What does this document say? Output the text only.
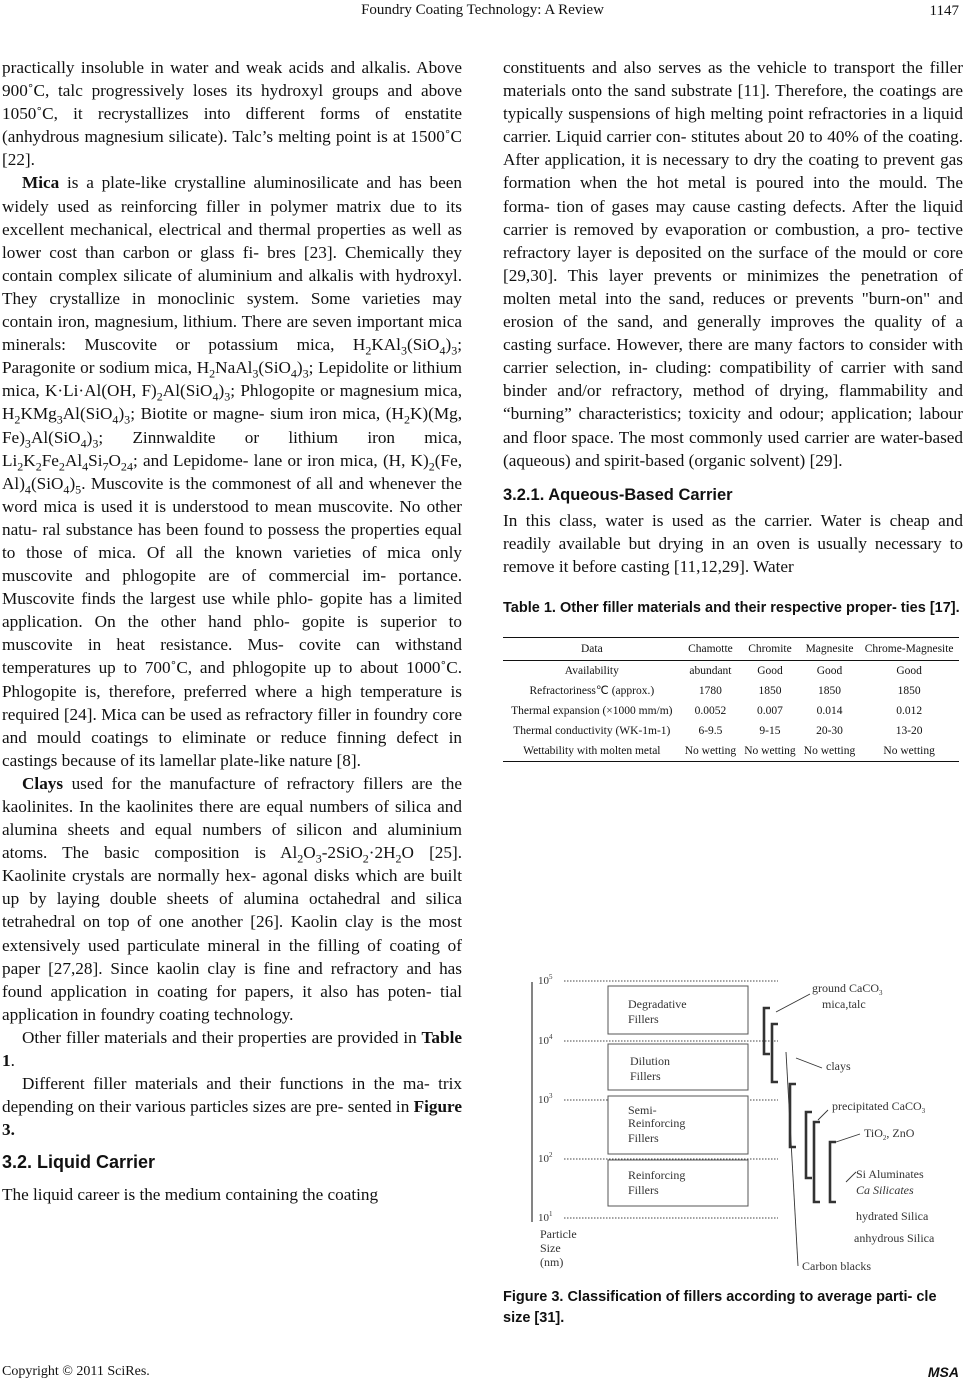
Foundry Coating Technology: A Review	1147

practically insoluble in water and weak acids and alkalis. Above 900˚C, talc progressively loses its hydroxyl groups and above 1050˚C, it recrystallizes into different forms of enstatite (anhydrous magnesium silicate). Talc’s melting point is at 1500˚C [22].

Mica is a plate-like crystalline aluminosilicate and has been widely used as reinforcing filler in polymer matrix due to its excellent mechanical, electrical and thermal properties as well as lower cost than carbon or glass fi- bres [23]. Chemically they contain complex silicate of aluminium and alkalis with hydroxyl. They crystallize in monoclinic system. Some varieties may contain iron, magnesium, lithium. There are seven important mica minerals: Muscovite or potassium mica, $H_2KAl_3(SiO_4)_3$; Paragonite or sodium mica, $H_2NaAl_3(SiO_4)_3$; Lepidolite or lithium mica, K·Li·Al(OH, $F)_2Al(SiO_4)_3$; Phlogopite or magnesium mica, $H_2KMg_3Al(SiO_4)_3$; Biotite or magne- sium iron mica, $(H_2K)(Mg$, $Fe)_3Al(SiO_4)_3$; Zinnwaldite or lithium iron mica, $Li_2K_2Fe_2Al_4Si_7O_{24}$; and Lepidome- lane or iron mica, (H, $K)_2(Fe$, $Al)_4(SiO_4)_5$. Muscovite is the commonest of all and whenever the word mica is used it is understood to mean muscovite. No other natu- ral substance has been found to possess the properties equal to those of mica. Of all the known varieties of mica only muscovite and phlogopite are of commercial im- portance. Muscovite finds the largest use while phlo- gopite has a limited application. On the other hand phlo- gopite is superior to muscovite in heat resistance. Mus- covite can withstand temperatures up to 700˚C, and phlogopite up to about 1000˚C. Phlogopite is, therefore, preferred where a high temperature is required [24]. Mica can be used as refractory filler in foundry core and mould coatings to eliminate or reduce finning defect in castings because of its lamellar plate-like nature [8].

Clays used for the manufacture of refractory fillers are the kaolinites. In the kaolinites there are equal numbers of silica and alumina sheets and equal numbers of silicon and aluminium atoms. The basic composition is $Al_2O_3-2SiO_2\cdot 2H_2O$ [25]. Kaolinite crystals are normally hex- agonal disks which are built up by laying double sheets of alumina octahedral and silica tetrahedral on top of one another [26]. Kaolin clay is the most extensively used particulate mineral in the filling of coating of paper [27,28]. Since kaolin clay is fine and refractory and has found application in coating for papers, it also has poten- tial application in foundry coating technology.

Other filler materials and their properties are provided in Table 1.

Different filler materials and their functions in the ma- trix depending on their various particles sizes are pre- sented in Figure 3.

3.2. Liquid Carrier

The liquid career is the medium containing the coating

constituents and also serves as the vehicle to transport the filler materials onto the sand substrate [11]. Therefore, the coatings are typically suspensions of high melting point refractories in a liquid carrier. Liquid carrier con- stitutes about 20 to 40% of the coating. After application, it is necessary to dry the coating to prevent gas formation when the hot metal is poured into the mould. The forma- tion of gases may cause casting defects. After the liquid carrier is removed by evaporation or combustion, a pro- tective refractory layer is deposited on the surface of the mould or core [29,30]. This layer prevents or minimizes the penetration of molten metal into the sand, reduces or prevents "burn-on" and erosion of the sand, and generally improves the quality of a casting surface. However, there are many factors to consider with carrier selection, in- cluding: compatibility of carrier with sand binder and/or refractory, method of drying, flammability and “burning” characteristics; toxicity and odour; application; labour and floor space. The most commonly used carrier are water-based (aqueous) and spirit-based (organic solvent) [29].

3.2.1. Aqueous-Based Carrier

In this class, water is used as the carrier. Water is cheap and readily available but drying in an oven is usually necessary to remove it before casting [11,12,29]. Water

Table 1. Other filler materials and their respective proper- ties [17].
Data	Chamotte	Chromite	Magnesite	Chrome-Magnesite
Availability	abundant	Good	Good	Good
Refractoriness℃ (approx.)	1780	1850	1850	1850
Thermal expansion (×1000 mm/m)	0.0052	0.007	0.014	0.012
Thermal conductivity (WK-1m-1)	6-9.5	9-15	20-30	13-20
Wettability with molten metal	No wetting	No wetting	No wetting	No wetting
$10^5$
$10^4$
$10^3$
$10^2$
$10^1$
Particle
Size
(nm)
Degradative
Fillers
Dilution
Fillers
Semi-
Reinforcing
Fillers
Reinforcing
Fillers
ground CaCO$_3$
mica,talc
clays
precipitated CaCO$_3$
TiO$_2$, ZnO
Si Aluminates
Ca Silicates
hydrated Silica
anhydrous Silica
Carbon blacks
Figure 3. Classification of fillers according to average parti- cle size [31].
Copyright © 2011 SciRes.	MSA
